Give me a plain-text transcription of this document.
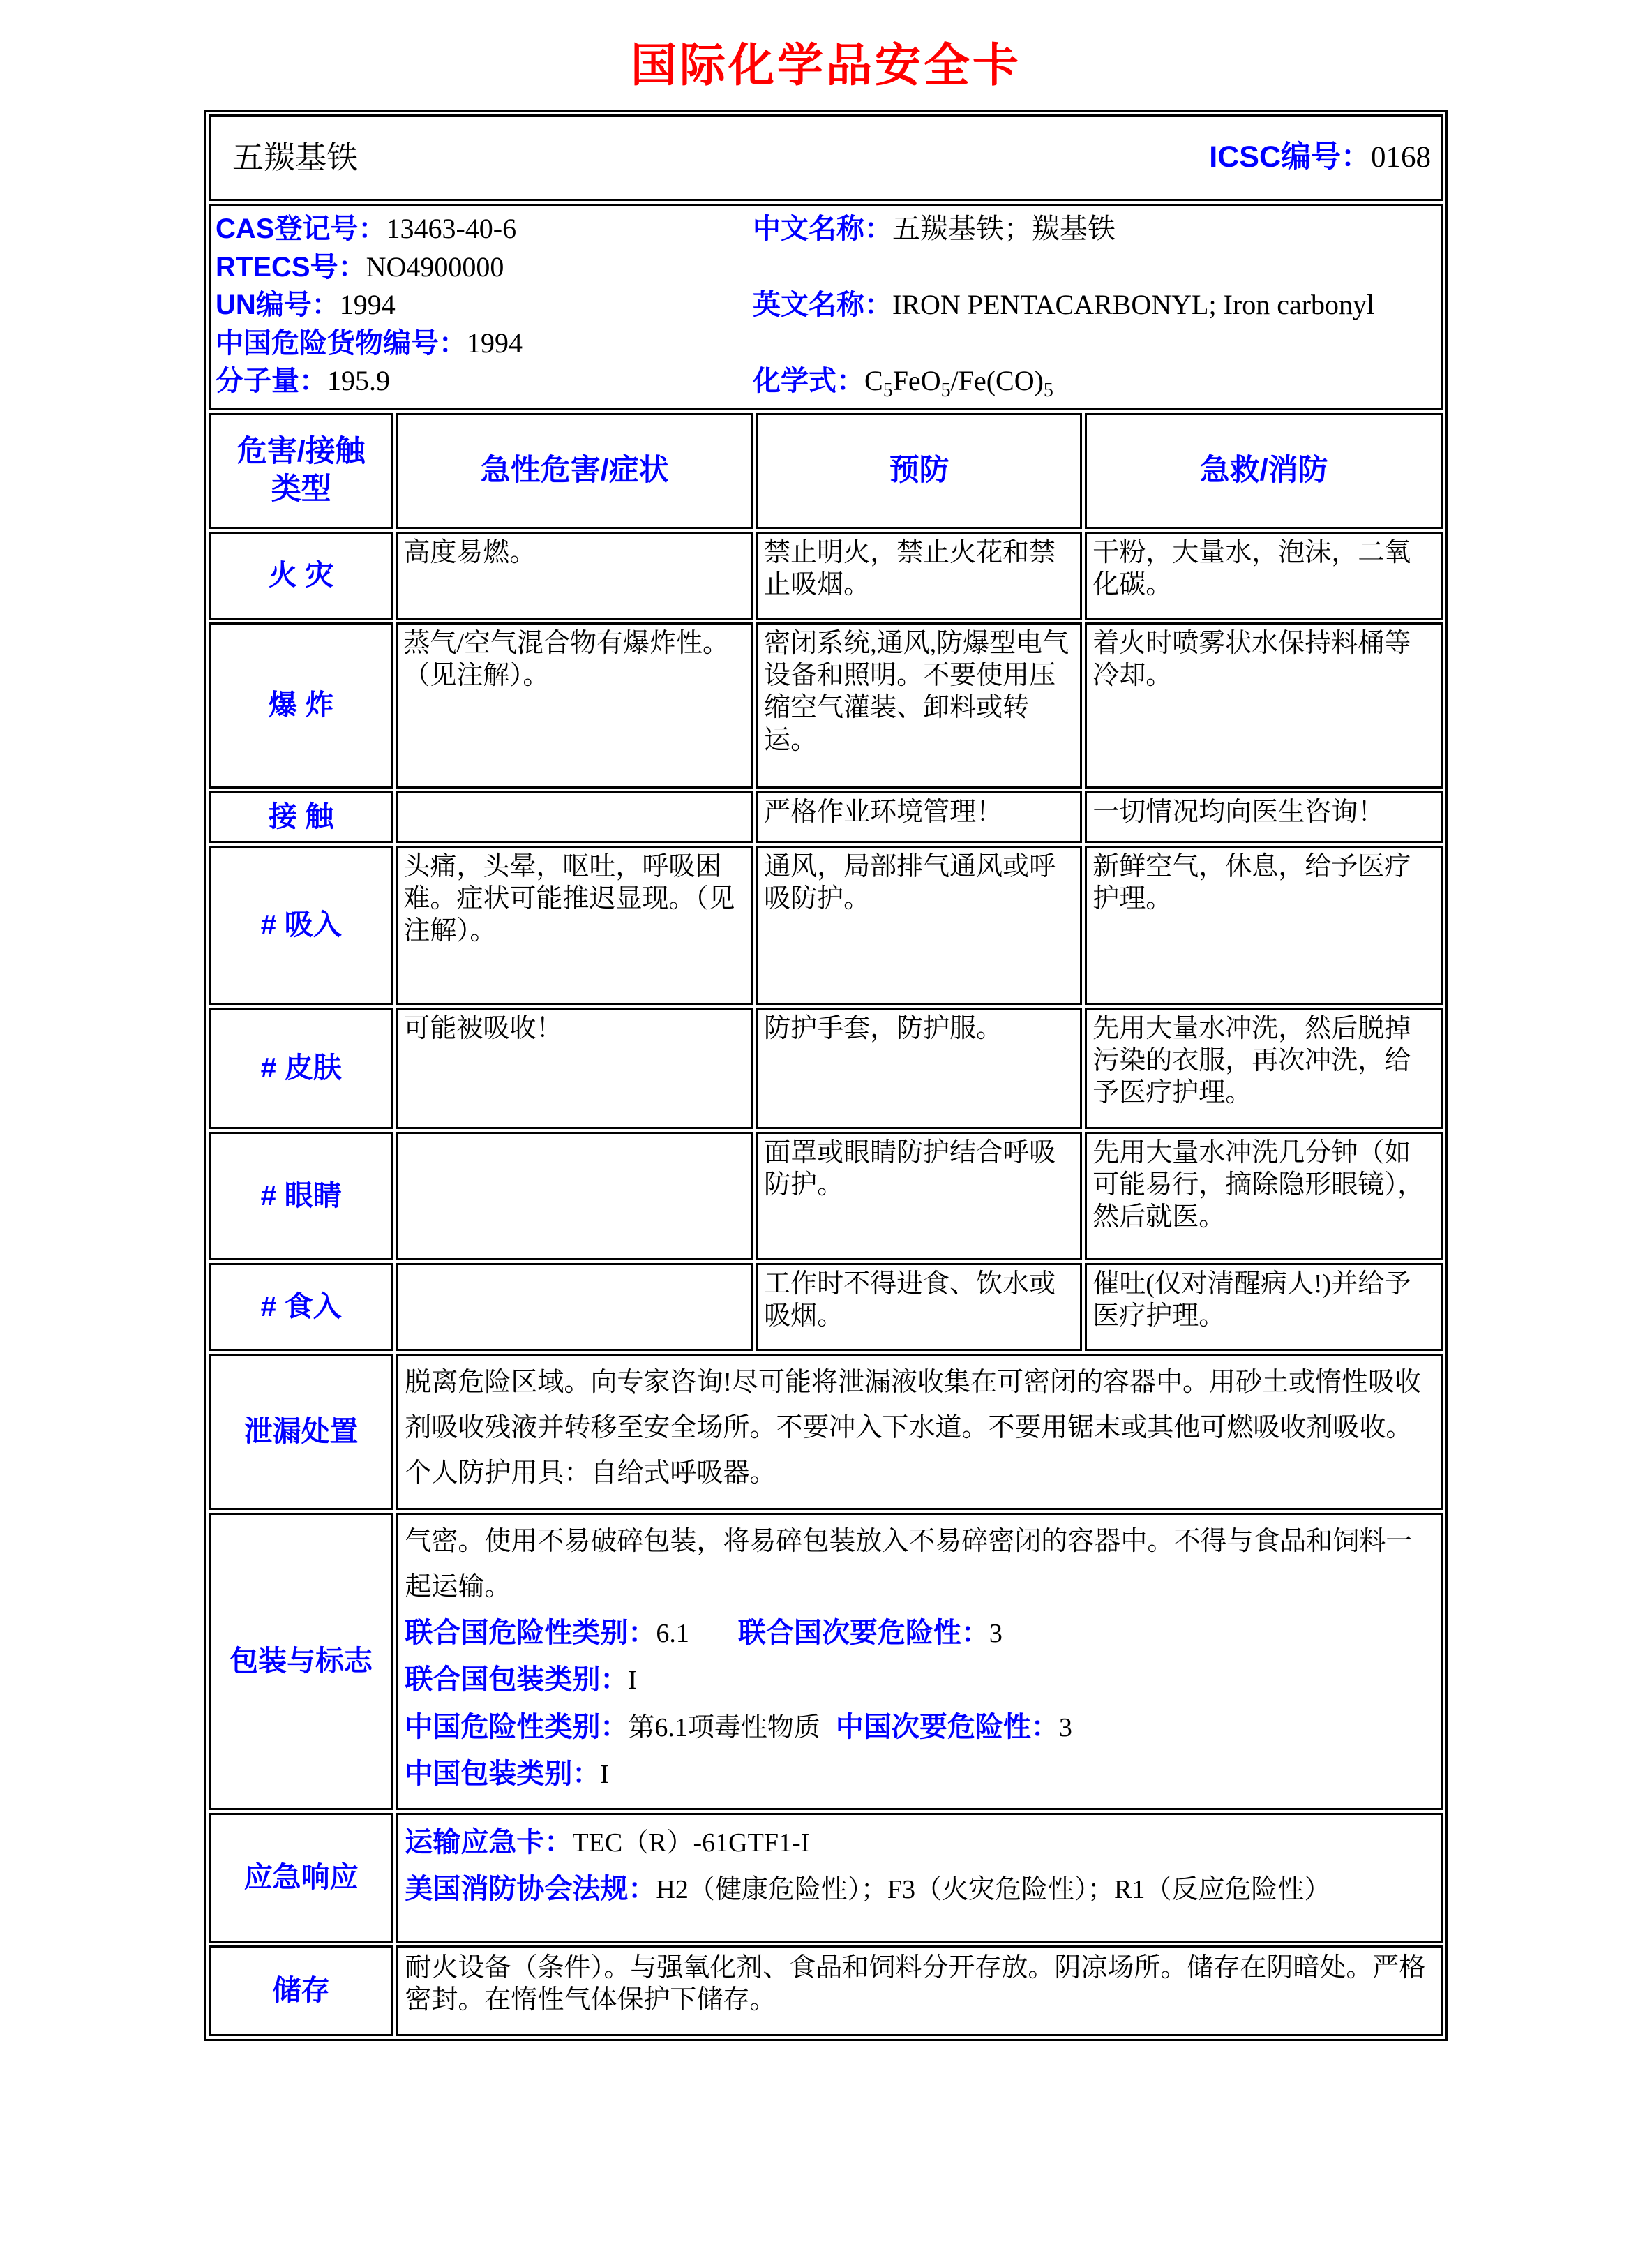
国际化学品安全卡
五羰基铁 ICSC编号：0168			

CAS登记号：13463-40-6
RTECS号：NO4900000
UN编号：1994
中国危险货物编号：1994
分子量：195.9
中文名称：五羰基铁；羰基铁
英文名称：IRON PENTACARBONYL; Iron carbonyl
化学式：$C_5FeO_5/Fe(CO)_5$

危害/接触 类型	急性危害/症状	预防	急救/消防
火 灾	高度易燃。	禁止明火，禁止火花和禁止吸烟。	干粉，大量水，泡沫，二氧化碳。
爆 炸	蒸气/空气混合物有爆炸性。（见注解）。	密闭系统,通风,防爆型电气设备和照明。不要使用压缩空气灌装、卸料或转运。	着火时喷雾状水保持料桶等冷却。
接 触		严格作业环境管理！	一切情况均向医生咨询！
# 吸入	头痛，头晕，呕吐，呼吸困难。症状可能推迟显现。（见注解）。	通风，局部排气通风或呼吸防护。	新鲜空气，休息，给予医疗护理。
# 皮肤	可能被吸收！	防护手套，防护服。	先用大量水冲洗，然后脱掉污染的衣服，再次冲洗，给予医疗护理。
# 眼睛		面罩或眼睛防护结合呼吸防护。	先用大量水冲洗几分钟（如可能易行，摘除隐形眼镜），然后就医。
# 食入		工作时不得进食、饮水或吸烟。	催吐(仅对清醒病人!)并给予医疗护理。
泄漏处置	脱离危险区域。向专家咨询!尽可能将泄漏液收集在可密闭的容器中。用砂土或惰性吸收剂吸收残液并转移至安全场所。不要冲入下水道。不要用锯末或其他可燃吸收剂吸收。个人防护用具：自给式呼吸器。		
包装与标志	气密。使用不易破碎包装，将易碎包装放入不易碎密闭的容器中。不得与食品和饲料一起运输。
联合国危险性类别：6.1 联合国次要危险性：3
联合国包装类别：I
中国危险性类别：第6.1项毒性物质 中国次要危险性：3
中国包装类别：I		

应急响应	运输应急卡：TEC（R）-61GTF1-I
美国消防协会法规：H2（健康危险性）；F3（火灾危险性）；R1（反应危险性）		

储存	耐火设备（条件）。与强氧化剂、食品和饲料分开存放。阴凉场所。储存在阴暗处。严格密封。在惰性气体保护下储存。		
